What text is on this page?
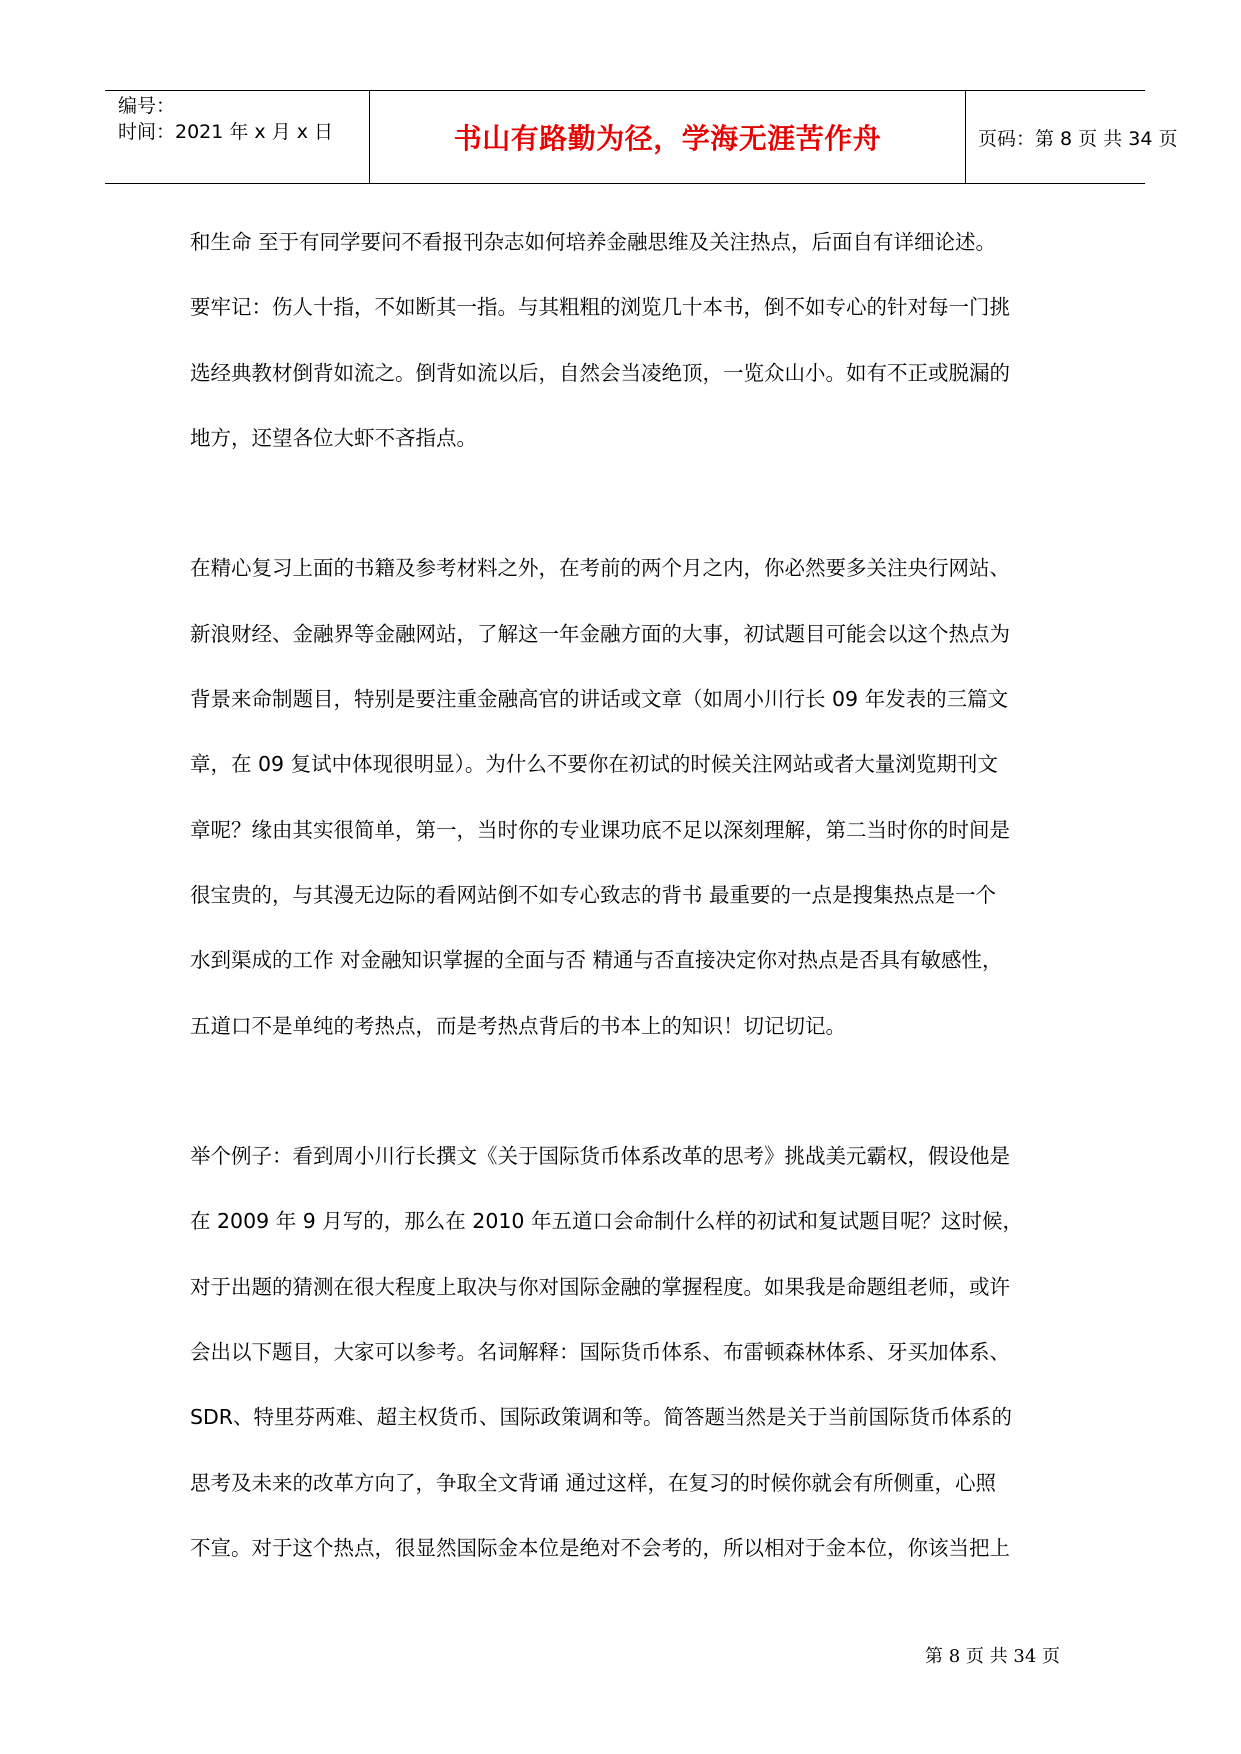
编号：
时间：2021 年 x 月 x 日	书山有路勤为径，学海无涯苦作舟	页码：第 8 页 共 34 页

和生命 至于有同学要问不看报刊杂志如何培养金融思维及关注热点，后面自有详细论述。
要牢记：伤人十指，不如断其一指。与其粗粗的浏览几十本书，倒不如专心的针对每一门挑
选经典教材倒背如流之。倒背如流以后，自然会当凌绝顶，一览众山小。如有不正或脱漏的
地方，还望各位大虾不吝指点。

在精心复习上面的书籍及参考材料之外，在考前的两个月之内，你必然要多关注央行网站、
新浪财经、金融界等金融网站，了解这一年金融方面的大事，初试题目可能会以这个热点为
背景来命制题目，特别是要注重金融高官的讲话或文章（如周小川行长 09 年发表的三篇文
章，在 09 复试中体现很明显）。为什么不要你在初试的时候关注网站或者大量浏览期刊文
章呢？缘由其实很简单，第一，当时你的专业课功底不足以深刻理解，第二当时你的时间是
很宝贵的，与其漫无边际的看网站倒不如专心致志的背书 最重要的一点是搜集热点是一个
水到渠成的工作 对金融知识掌握的全面与否 精通与否直接决定你对热点是否具有敏感性，
五道口不是单纯的考热点，而是考热点背后的书本上的知识！切记切记。

举个例子：看到周小川行长撰文《关于国际货币体系改革的思考》挑战美元霸权，假设他是
在 2009 年 9 月写的，那么在 2010 年五道口会命制什么样的初试和复试题目呢？这时候，
对于出题的猜测在很大程度上取决与你对国际金融的掌握程度。如果我是命题组老师，或许
会出以下题目，大家可以参考。名词解释：国际货币体系、布雷顿森林体系、牙买加体系、
SDR、特里芬两难、超主权货币、国际政策调和等。简答题当然是关于当前国际货币体系的
思考及未来的改革方向了，争取全文背诵 通过这样，在复习的时候你就会有所侧重，心照
不宣。对于这个热点，很显然国际金本位是绝对不会考的，所以相对于金本位，你该当把上

第 8 页 共 34 页
